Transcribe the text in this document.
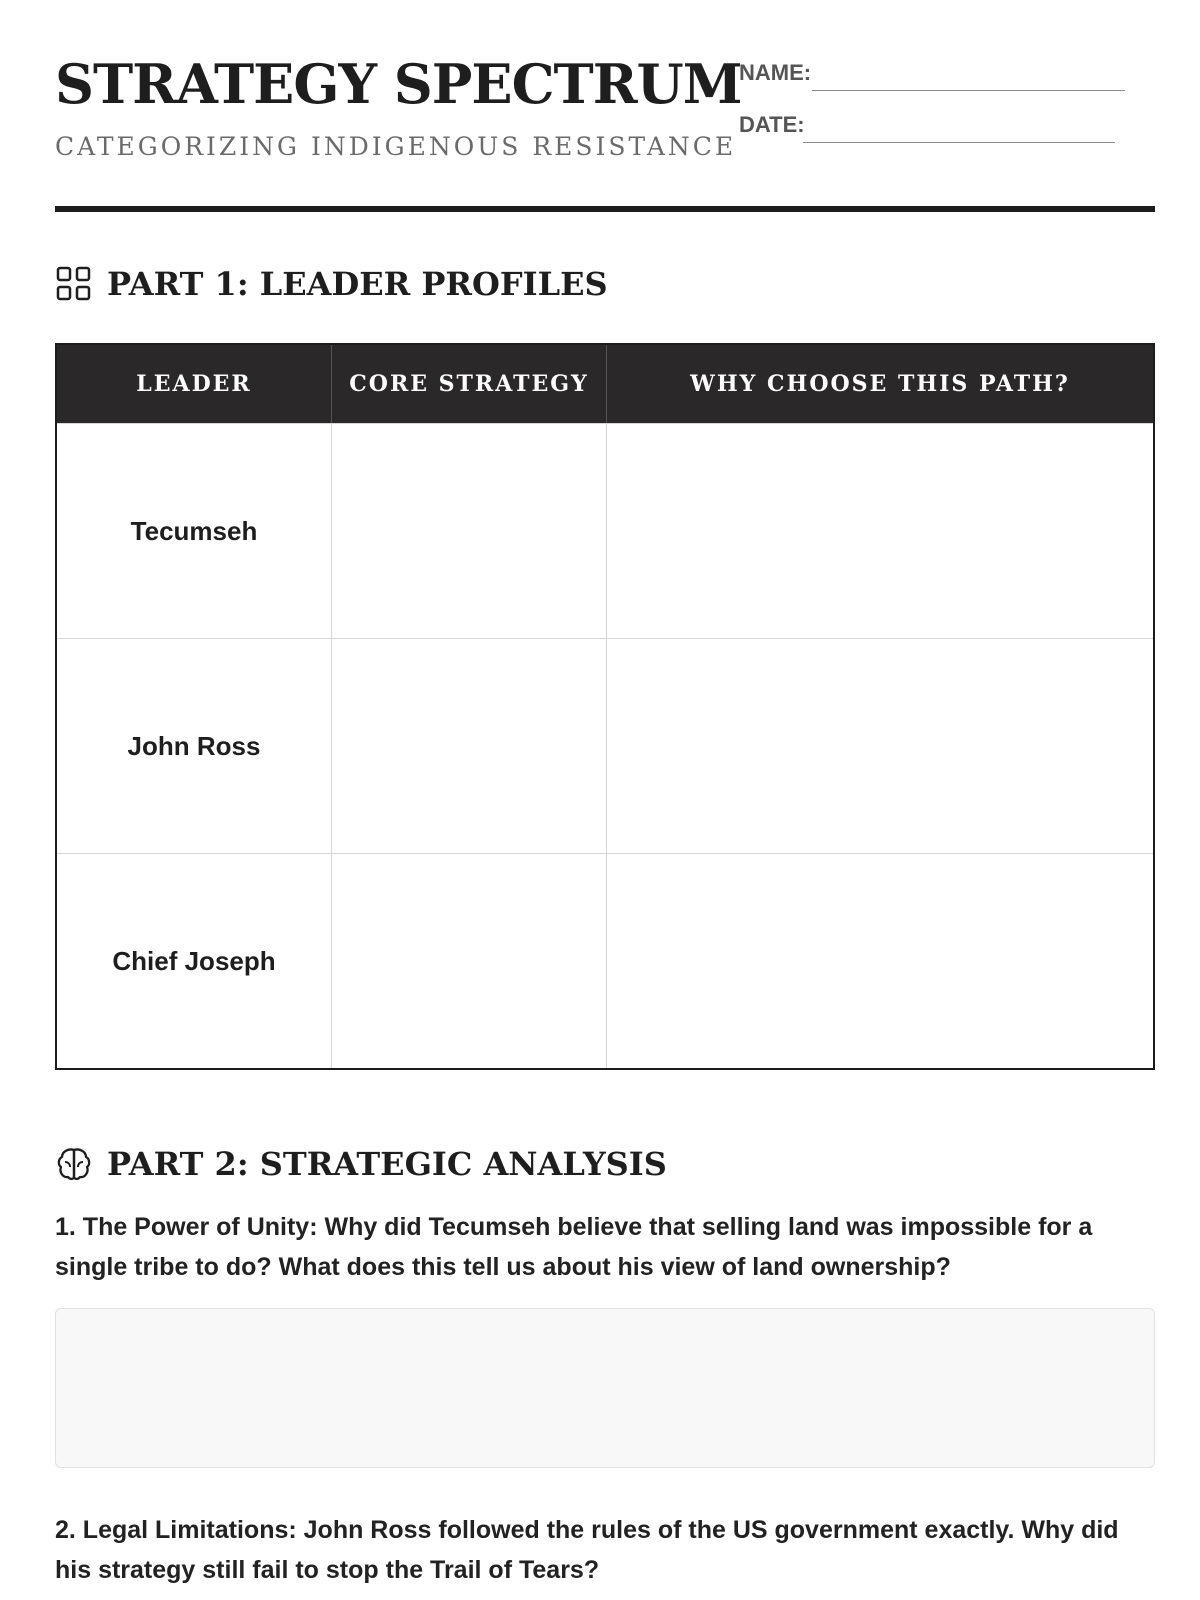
STRATEGY SPECTRUM
CATEGORIZING INDIGENOUS RESISTANCE
NAME:
DATE:
PART 1: LEADER PROFILES
LEADER	CORE STRATEGY	WHY CHOOSE THIS PATH?
Tecumseh
John Ross
Chief Joseph
PART 2: STRATEGIC ANALYSIS
1. The Power of Unity: Why did Tecumseh believe that selling land was impossible for a single tribe to do? What does this tell us about his view of land ownership?
2. Legal Limitations: John Ross followed the rules of the US government exactly. Why did his strategy still fail to stop the Trail of Tears?
